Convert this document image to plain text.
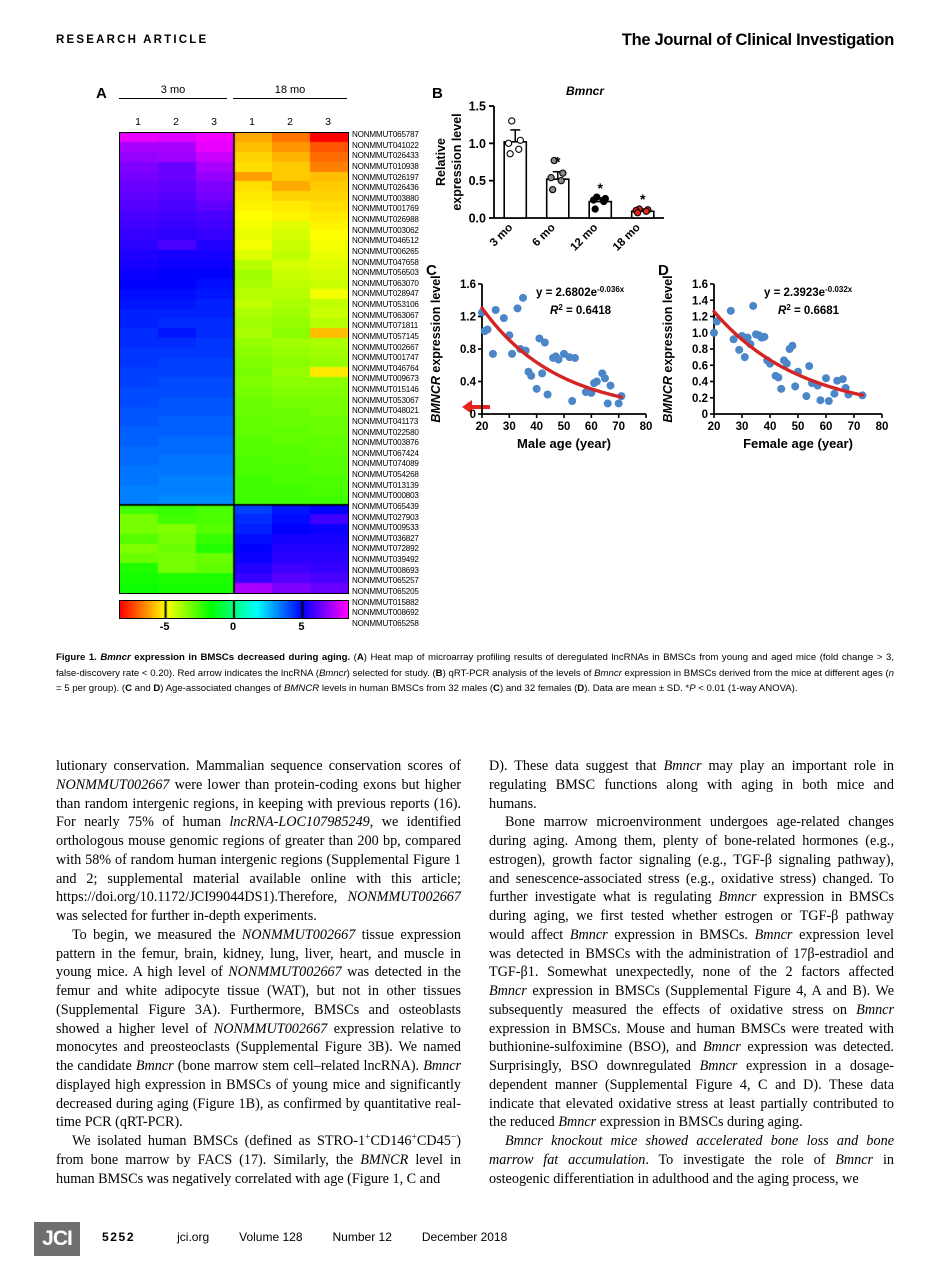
RESEARCH ARTICLE	The Journal of Clinical Investigation
A	3 mo	18 mo
1	2	3	1	2	3
NONMMUT065787
NONMMUT041022
NONMMUT026433
NONMMUT010938
NONMMUT026197
NONMMUT026436
NONMMUT003880
NONMMUT001769
NONMMUT026988
NONMMUT003062
NONMMUT046512
NONMMUT006265
NONMMUT047658
NONMMUT056503
NONMMUT063070
NONMMUT028947
NONMMUT053106
NONMMUT063067
NONMMUT071811
NONMMUT057145
NONMMUT002667
NONMMUT001747
NONMMUT046764
NONMMUT009673
NONMMUT015146
NONMMUT053067
NONMMUT048021
NONMMUT041173
NONMMUT022580
NONMMUT003876
NONMMUT067424
NONMMUT074089
NONMMUT054268
NONMMUT013139
NONMMUT000803
NONMMUT065439
NONMMUT027903
NONMMUT009533
NONMMUT036827
NONMMUT072892
NONMMUT039492
NONMMUT008693
NONMMUT065257
NONMMUT065205
NONMMUT015882
NONMMUT008692
NONMMUT065258
-5	0	5
B	Bmncr
0.0
0.5
1.0
1.5
3 mo
*
6 mo
*
12 mo
*
18 mo
Relative expression level
C
0
0.4
0.8
1.2
1.6
20 30 40 50 60 70 80
$y = 2.6802e^{-0.036x}$
$R^2 = 0.6418$
Male age (year)
BMNCR expression level
D
0
0.2
0.4
0.6
0.8
1.0
1.2
1.4
1.6
20 30 40 50 60 70 80
$y = 2.3923e^{-0.032x}$
$R^2 = 0.6681$
Female age (year)
BMNCR expression level
Figure 1. Bmncr expression in BMSCs decreased during aging. (A) Heat map of microarray profiling results of deregulated lncRNAs in BMSCs from young and aged mice (fold change > 3, false-discovery rate < 0.20). Red arrow indicates the lncRNA (Bmncr) selected for study. (B) qRT-PCR analysis of the levels of Bmncr expression in BMSCs derived from the mice at different ages (n = 5 per group). (C and D) Age-associated changes of BMNCR levels in human BMSCs from 32 males (C) and 32 females (D). Data are mean ± SD. *P < 0.01 (1-way ANOVA).

lutionary conservation. Mammalian sequence conservation scores of NONMMUT002667 were lower than protein-coding exons but higher than random intergenic regions, in keeping with previous reports (16). For nearly 75% of human lncRNA-LOC107985249, we identified orthologous mouse genomic regions of greater than 200 bp, compared with 58% of random human intergenic regions (Supplemental Figure 1 and 2; supplemental material available online with this article; https://doi.org/10.1172/JCI99044DS1).Therefore, NONMMUT002667 was selected for further in-depth experiments.

To begin, we measured the NONMMUT002667 tissue expression pattern in the femur, brain, kidney, lung, liver, heart, and muscle in young mice. A high level of NONMMUT002667 was detected in the femur and white adipocyte tissue (WAT), but not in other tissues (Supplemental Figure 3A). Furthermore, BMSCs and osteoblasts showed a higher level of NONMMUT002667 expression relative to monocytes and preosteoclasts (Supplemental Figure 3B). We named the candidate Bmncr (bone marrow stem cell–related lncRNA). Bmncr displayed high expression in BMSCs of young mice and significantly decreased during aging (Figure 1B), as confirmed by quantitative real-time PCR (qRT-PCR).

We isolated human BMSCs (defined as STRO-1+CD146+CD45−) from bone marrow by FACS (17). Similarly, the BMNCR level in human BMSCs was negatively correlated with age (Figure 1, C and

D). These data suggest that Bmncr may play an important role in regulating BMSC functions along with aging in both mice and humans.

Bone marrow microenvironment undergoes age-related changes during aging. Among them, plenty of bone-related hormones (e.g., estrogen), growth factor signaling (e.g., TGF-β signaling pathway), and senescence-associated stress (e.g., oxidative stress) changed. To further investigate what is regulating Bmncr expression in BMSCs during aging, we first tested whether estrogen or TGF-β pathway would affect Bmncr expression in BMSCs. Bmncr expression level was detected in BMSCs with the administration of 17β-estradiol and TGF-β1. Somewhat unexpectedly, none of the 2 factors affected Bmncr expression in BMSCs (Supplemental Figure 4, A and B). We subsequently measured the effects of oxidative stress on Bmncr expression in BMSCs. Mouse and human BMSCs were treated with buthionine-sulfoximine (BSO), and Bmncr expression was detected. Surprisingly, BSO downregulated Bmncr expression in a dosage-dependent manner (Supplemental Figure 4, C and D). These data indicate that elevated oxidative stress at least partially contributed to the reduced Bmncr expression in BMSCs during aging.

Bmncr knockout mice showed accelerated bone loss and bone marrow fat accumulation. To investigate the role of Bmncr in osteogenic differentiation in adulthood and the aging process, we

JCI	5252	jci.org	Volume 128	Number 12	December 2018
